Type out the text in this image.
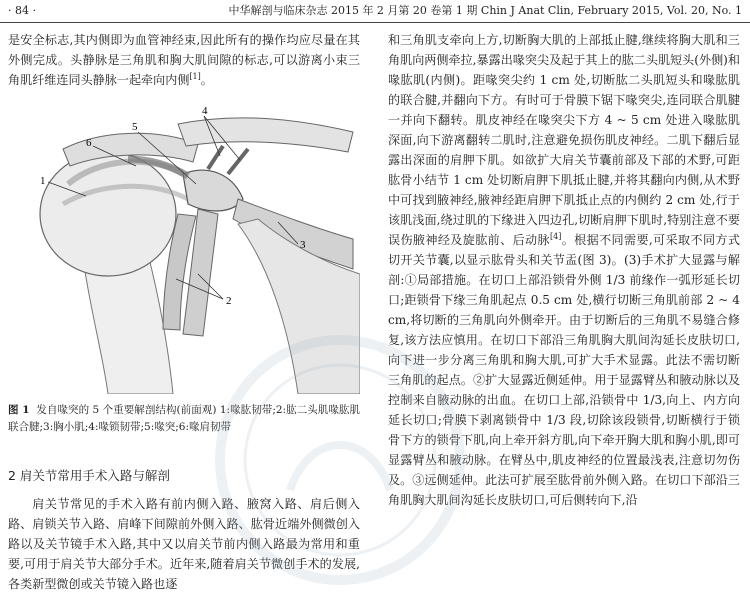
· 84 ·	中华解剖与临床杂志 2015 年 2 月第 20 卷第 1 期 Chin J Anat Clin, February 2015, Vol. 20, No. 1

是安全标志,其内侧即为血管神经束,因此所有的操作均应尽量在其外侧完成。头静脉是三角肌和胸大肌间隙的标志,可以游离小束三角肌纤维连同头静脉一起牵向内侧[1]。

1
2
3
4
5
6
图 1 发自喙突的 5 个重要解剖结构(前面观) 1:喙肱韧带;2:肱二头肌喙肱肌联合腱;3:胸小肌;4:喙锁韧带;5:喙突;6:喙肩韧带
2 肩关节常用手术入路与解剖

肩关节常见的手术入路有前内侧入路、腋窝入路、肩后侧入路、肩锁关节入路、肩峰下间隙前外侧入路、肱骨近端外侧微创入路以及关节镜手术入路,其中又以肩关节前内侧入路最为常用和重要,可用于肩关节大部分手术。近年来,随着肩关节微创手术的发展,各类新型微创或关节镜入路也逐

和三角肌支牵向上方,切断胸大肌的上部抵止腱,继续将胸大肌和三角肌向两侧牵拉,暴露出喙突尖及起于其上的肱二头肌短头(外侧)和喙肱肌(内侧)。距喙突尖约 1 cm 处,切断肱二头肌短头和喙肱肌的联合腱,并翻向下方。有时可于骨膜下锯下喙突尖,连同联合肌腱一并向下翻转。肌皮神经在喙突尖下方 4 ~ 5 cm 处进入喙肱肌深面,向下游离翻转二肌时,注意避免损伤肌皮神经。二肌下翻后显露出深面的肩胛下肌。如欲扩大肩关节囊前部及下部的术野,可距肱骨小结节 1 cm 处切断肩胛下肌抵止腱,并将其翻向内侧,从术野中可找到腋神经,腋神经距肩胛下肌抵止点的内侧约 2 cm 处,行于该肌浅面,绕过肌的下缘进入四边孔,切断肩胛下肌时,特别注意不要误伤腋神经及旋肱前、后动脉[4]。根据不同需要,可采取不同方式切开关节囊,以显示肱骨头和关节盂(图 3)。(3)手术扩大显露与解剖:①局部措施。在切口上部沿锁骨外侧 1/3 前缘作一弧形延长切口;距锁骨下缘三角肌起点 0.5 cm 处,横行切断三角肌前部 2 ~ 4 cm,将切断的三角肌向外侧牵开。由于切断后的三角肌不易缝合修复,该方法应慎用。在切口下部沿三角肌胸大肌间沟延长皮肤切口,向下进一步分离三角肌和胸大肌,可扩大手术显露。此法不需切断三角肌的起点。②扩大显露近侧延伸。用于显露臂丛和腋动脉以及控制来自腋动脉的出血。在切口上部,沿锁骨中 1/3,向上、内方向延长切口;骨膜下剥离锁骨中 1/3 段,切除该段锁骨,切断横行于锁骨下方的锁骨下肌,向上牵开斜方肌,向下牵开胸大肌和胸小肌,即可显露臂丛和腋动脉。在臂丛中,肌皮神经的位置最浅表,注意切勿伤及。③远侧延伸。此法可扩展至肱骨前外侧入路。在切口下部沿三角肌胸大肌间沟延长皮肤切口,可后侧转向下,沿
